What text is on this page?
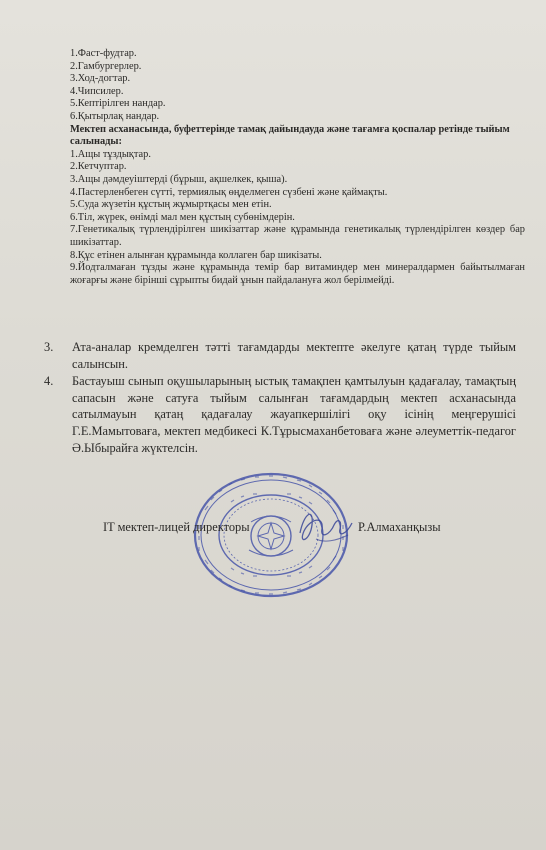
1.Фаст-фудтар.
2.Гамбургерлер.
3.Ход-догтар.
4.Чипсилер.
5.Кептірілген нандар.
6.Қытырлақ нандар.
Мектеп асханасында, буфеттерінде тамақ дайындауда және тағамға қоспалар ретінде тыйым салынады:
1.Ащы тұздықтар.
2.Кетчуптар.
3.Ащы дәмдеуіштерді (бұрыш, ақшелкек, қыша).
4.Пастерленбеген сүтті, термиялық өңделмеген сүзбені және қаймақты.
5.Суда жүзетін құстың жұмыртқасы мен етін.
6.Тіл, жүрек, өнімді мал мен құстың субөнімдерін.
7.Генетикалық түрлендірілген шикізаттар және құрамында генетикалық түрлендірілген көздер бар шикізаттар.
8.Құс етінен алынған құрамында коллаген бар шикізаты.
9.Йодталмаған тұзды және құрамында темір бар витаминдер мен минералдармен байытылмаған жоғарғы және бірінші сұрыпты бидай ұнын пайдалануға жол берілмейді.
3.	Ата-аналар кремделген тәтті тағамдарды мектепте әкелуге қатаң түрде тыйым салынсын.
4.	Бастауыш сынып оқушыларының ыстық тамақпен қамтылуын қадағалау, тамақтың сапасын және сатуға тыйым салынған тағамдардың мектеп асханасында сатылмауын қатаң қадағалау жауапкершілігі оқу ісінің меңгерушісі Г.Е.Мамытоваға, мектеп медбикесі К.Тұрысмаханбетоваға және әлеуметтік-педагог Ә.Ыбырайға жүктелсін.
IT мектеп-лицей директоры	Р.Алмаханқызы
